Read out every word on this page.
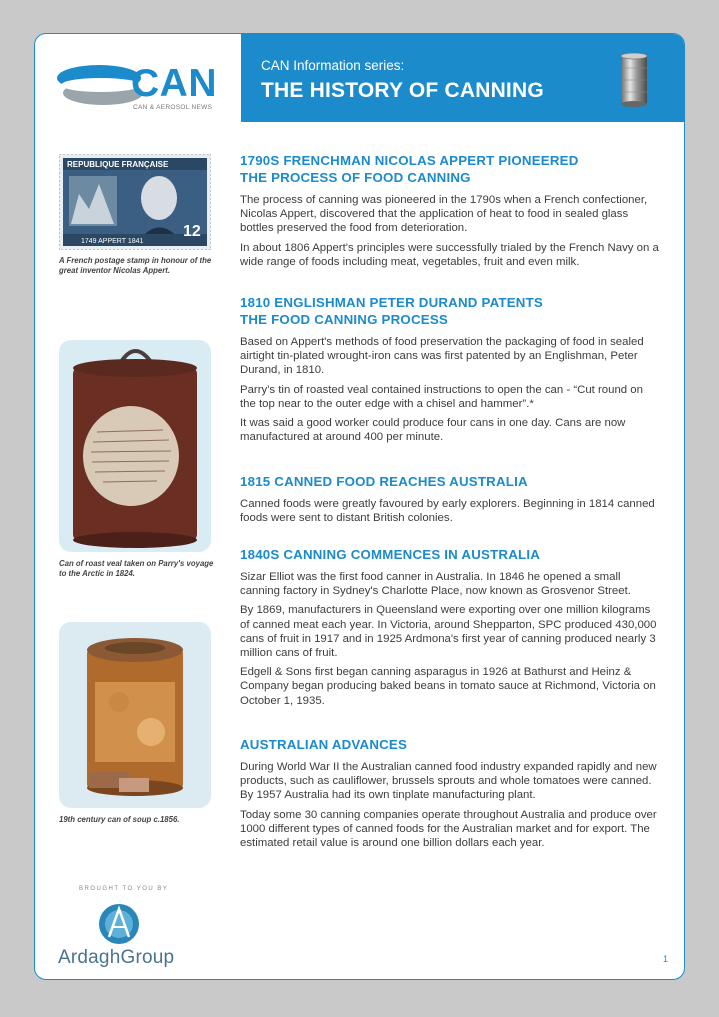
CAN
CAN & AEROSOL NEWS
CAN Information series:
THE HISTORY OF CANNING
REPUBLIQUE FRANÇAISE
1749 APPERT 1841
12
A French postage stamp in honour of the great inventor Nicolas Appert.
Can of roast veal taken on Parry's voyage to the Arctic in 1824.
19th century can of soup c.1856.
1790S FRENCHMAN NICOLAS APPERT PIONEERED
THE PROCESS OF FOOD CANNING

The process of canning was pioneered in the 1790s when a French confectioner, Nicolas Appert, discovered that the application of heat to food in sealed glass bottles preserved the food from deterioration.

In about 1806 Appert's principles were successfully trialed by the French Navy on a wide range of foods including meat, vegetables, fruit and even milk.

1810 ENGLISHMAN PETER DURAND PATENTS
THE FOOD CANNING PROCESS

Based on Appert's methods of food preservation the packaging of food in sealed airtight tin-plated wrought-iron cans was first patented by an Englishman, Peter Durand, in 1810.

Parry's tin of roasted veal contained instructions to open the can - “Cut round on the top near to the outer edge with a chisel and hammer”.*

It was said a good worker could produce four cans in one day. Cans are now manufactured at around 400 per minute.

1815 CANNED FOOD REACHES AUSTRALIA

Canned foods were greatly favoured by early explorers. Beginning in 1814 canned foods were sent to distant British colonies.

1840S CANNING COMMENCES IN AUSTRALIA

Sizar Elliot was the first food canner in Australia. In 1846 he opened a small canning factory in Sydney's Charlotte Place, now known as Grosvenor Street.

By 1869, manufacturers in Queensland were exporting over one million kilograms of canned meat each year. In Victoria, around Shepparton, SPC produced 430,000 cans of fruit in 1917 and in 1925 Ardmona's first year of canning produced nearly 3 million cans of fruit.

Edgell & Sons first began canning asparagus in 1926 at Bathurst and Heinz & Company began producing baked beans in tomato sauce at Richmond, Victoria on October 1, 1935.

AUSTRALIAN ADVANCES

During World War II the Australian canned food industry expanded rapidly and new products, such as cauliflower, brussels sprouts and whole tomatoes were canned. By 1957 Australia had its own tinplate manufacturing plant.

Today some 30 canning companies operate throughout Australia and produce over 1000 different types of canned foods for the Australian market and for export. The estimated retail value is around one billion dollars each year.

BROUGHT TO YOU BY
ArdaghGroup	1
